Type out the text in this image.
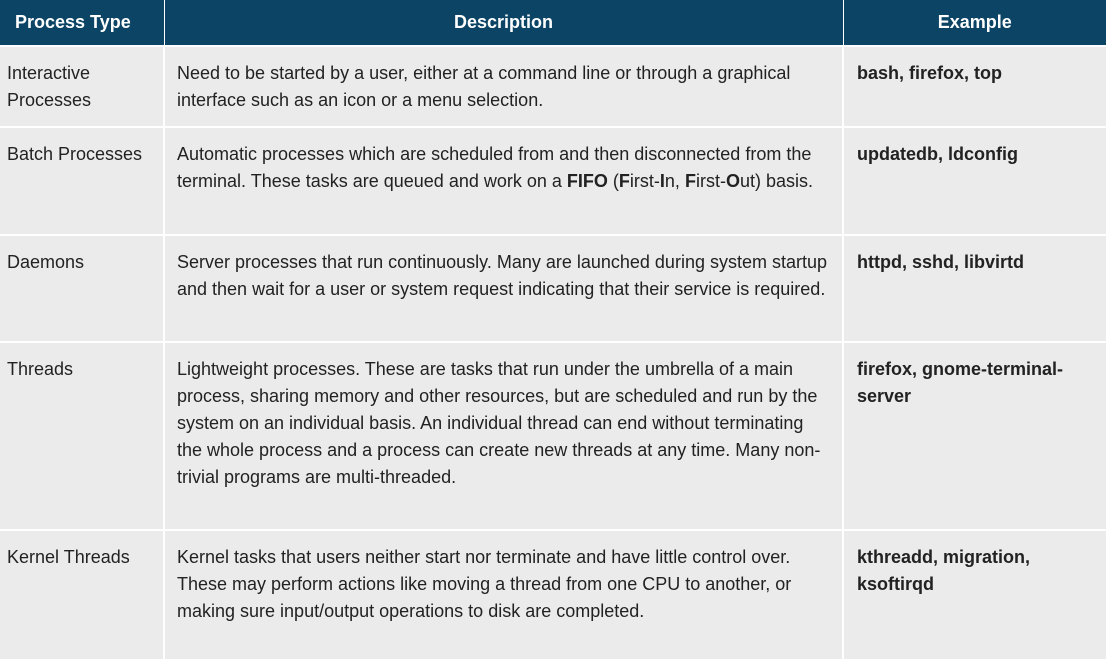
Process Type	Description	Example
Interactive Processes	Need to be started by a user, either at a command line or through a graphical interface such as an icon or a menu selection.	bash, firefox, top
Batch Processes	Automatic processes which are scheduled from and then disconnected from the terminal. These tasks are queued and work on a FIFO (First-In, First-Out) basis.	updatedb, ldconfig
Daemons	Server processes that run continuously. Many are launched during system startup and then wait for a user or system request indicating that their service is required.	httpd, sshd, libvirtd
Threads	Lightweight processes. These are tasks that run under the umbrella of a main process, sharing memory and other resources, but are scheduled and run by the system on an individual basis. An individual thread can end without terminating the whole process and a process can create new threads at any time. Many non-trivial programs are multi-threaded.	firefox, gnome-terminal-server
Kernel Threads	Kernel tasks that users neither start nor terminate and have little control over. These may perform actions like moving a thread from one CPU to another, or making sure input/output operations to disk are completed.	kthreadd, migration, ksoftirqd
